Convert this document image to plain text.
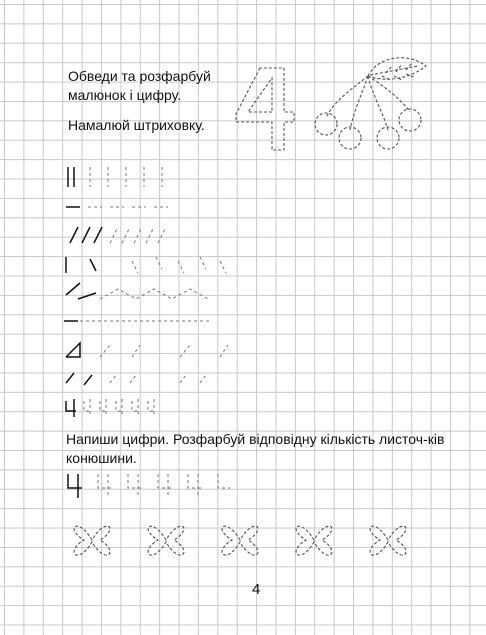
Обведи та розфарбуй
малюнок і цифру.
Намалюй штриховку.
Напиши цифри. Розфарбуй відповідну кількість листоч-ків конюшини.
4
4
4
